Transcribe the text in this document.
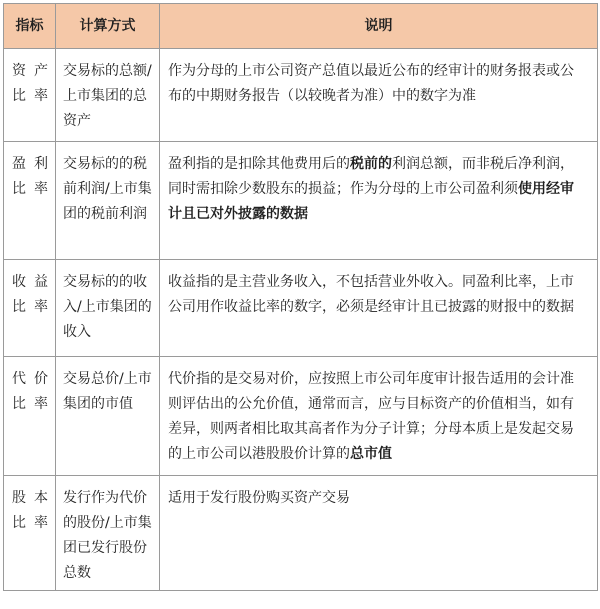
指标	计算方式	说明

资产
比率	交易标的总额/上市集团的总资产	作为分母的上市公司资产总值以最近公布的经审计的财务报表或公布的中期财务报告（以较晚者为准）中的数字为准

盈利
比率	交易标的的税前利润/上市集团的税前利润	盈利指的是扣除其他费用后的税前的利润总额，而非税后净利润，同时需扣除少数股东的损益；作为分母的上市公司盈利须使用经审计且已对外披露的数据

收益
比率	交易标的的收入/上市集团的收入	收益指的是主营业务收入，不包括营业外收入。同盈利比率，上市公司用作收益比率的数字，必须是经审计且已披露的财报中的数据

代价
比率	交易总价/上市集团的市值	代价指的是交易对价，应按照上市公司年度审计报告适用的会计准则评估出的公允价值，通常而言，应与目标资产的价值相当，如有差异，则两者相比取其高者作为分子计算；分母本质上是发起交易的上市公司以港股股价计算的总市值

股本
比率	发行作为代价的股份/上市集团已发行股份总数	适用于发行股份购买资产交易
